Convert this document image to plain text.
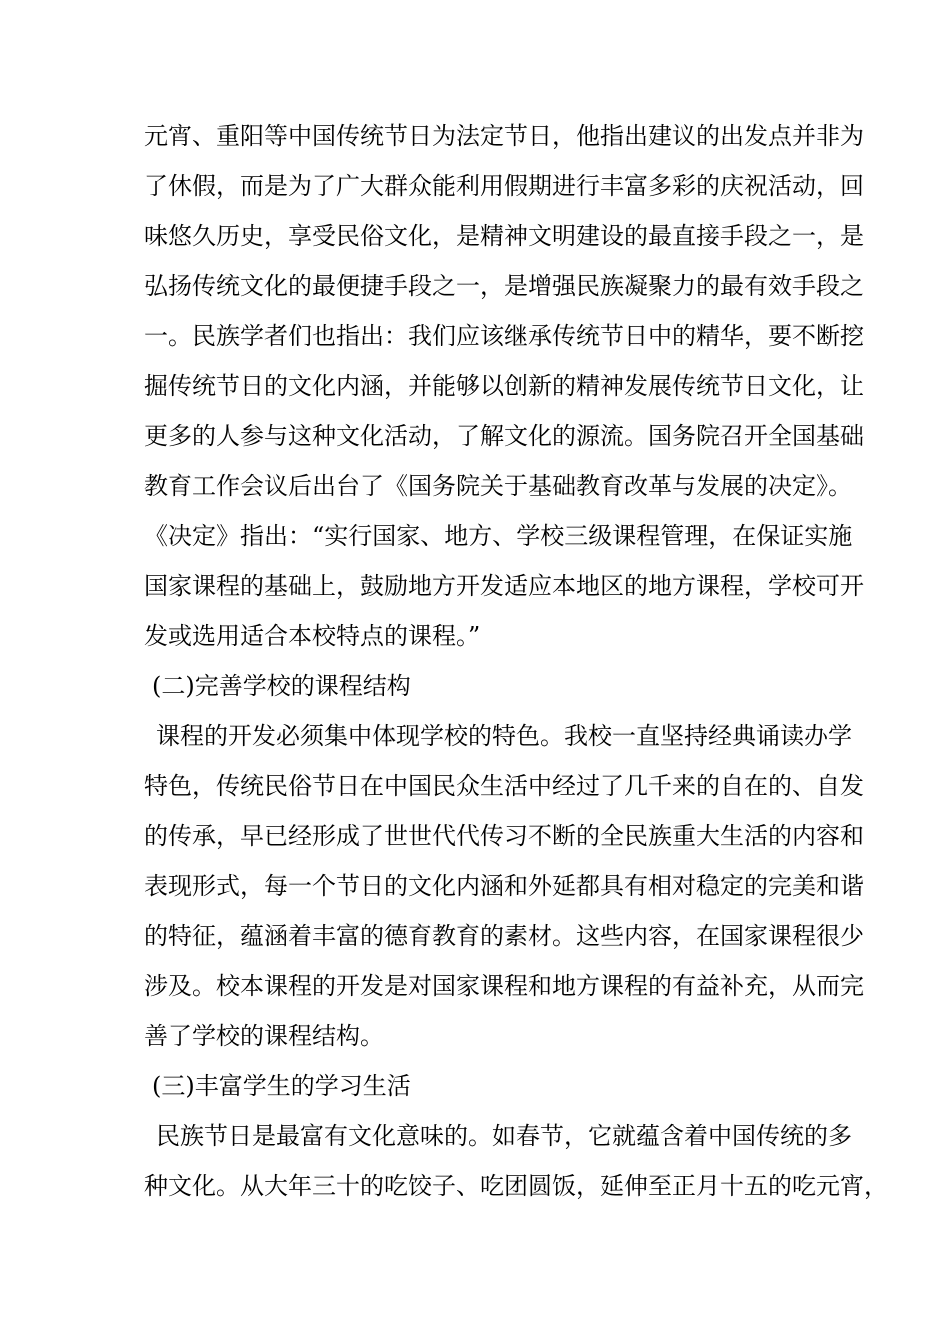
元宵、重阳等中国传统节日为法定节日，他指出建议的出发点并非为
了休假，而是为了广大群众能利用假期进行丰富多彩的庆祝活动，回
味悠久历史，享受民俗文化，是精神文明建设的最直接手段之一，是
弘扬传统文化的最便捷手段之一，是增强民族凝聚力的最有效手段之
一。民族学者们也指出：我们应该继承传统节日中的精华，要不断挖
掘传统节日的文化内涵，并能够以创新的精神发展传统节日文化，让
更多的人参与这种文化活动，了解文化的源流。国务院召开全国基础
教育工作会议后出台了《国务院关于基础教育改革与发展的决定》。
《决定》指出：“实行国家、地方、学校三级课程管理，在保证实施
国家课程的基础上，鼓励地方开发适应本地区的地方课程，学校可开
发或选用适合本校特点的课程。”
(二)完善学校的课程结构
课程的开发必须集中体现学校的特色。我校一直坚持经典诵读办学
特色，传统民俗节日在中国民众生活中经过了几千来的自在的、自发
的传承，早已经形成了世世代代传习不断的全民族重大生活的内容和
表现形式，每一个节日的文化内涵和外延都具有相对稳定的完美和谐
的特征，蕴涵着丰富的德育教育的素材。这些内容，在国家课程很少
涉及。校本课程的开发是对国家课程和地方课程的有益补充，从而完
善了学校的课程结构。
(三)丰富学生的学习生活
民族节日是最富有文化意味的。如春节，它就蕴含着中国传统的多
种文化。从大年三十的吃饺子、吃团圆饭，延伸至正月十五的吃元宵，
